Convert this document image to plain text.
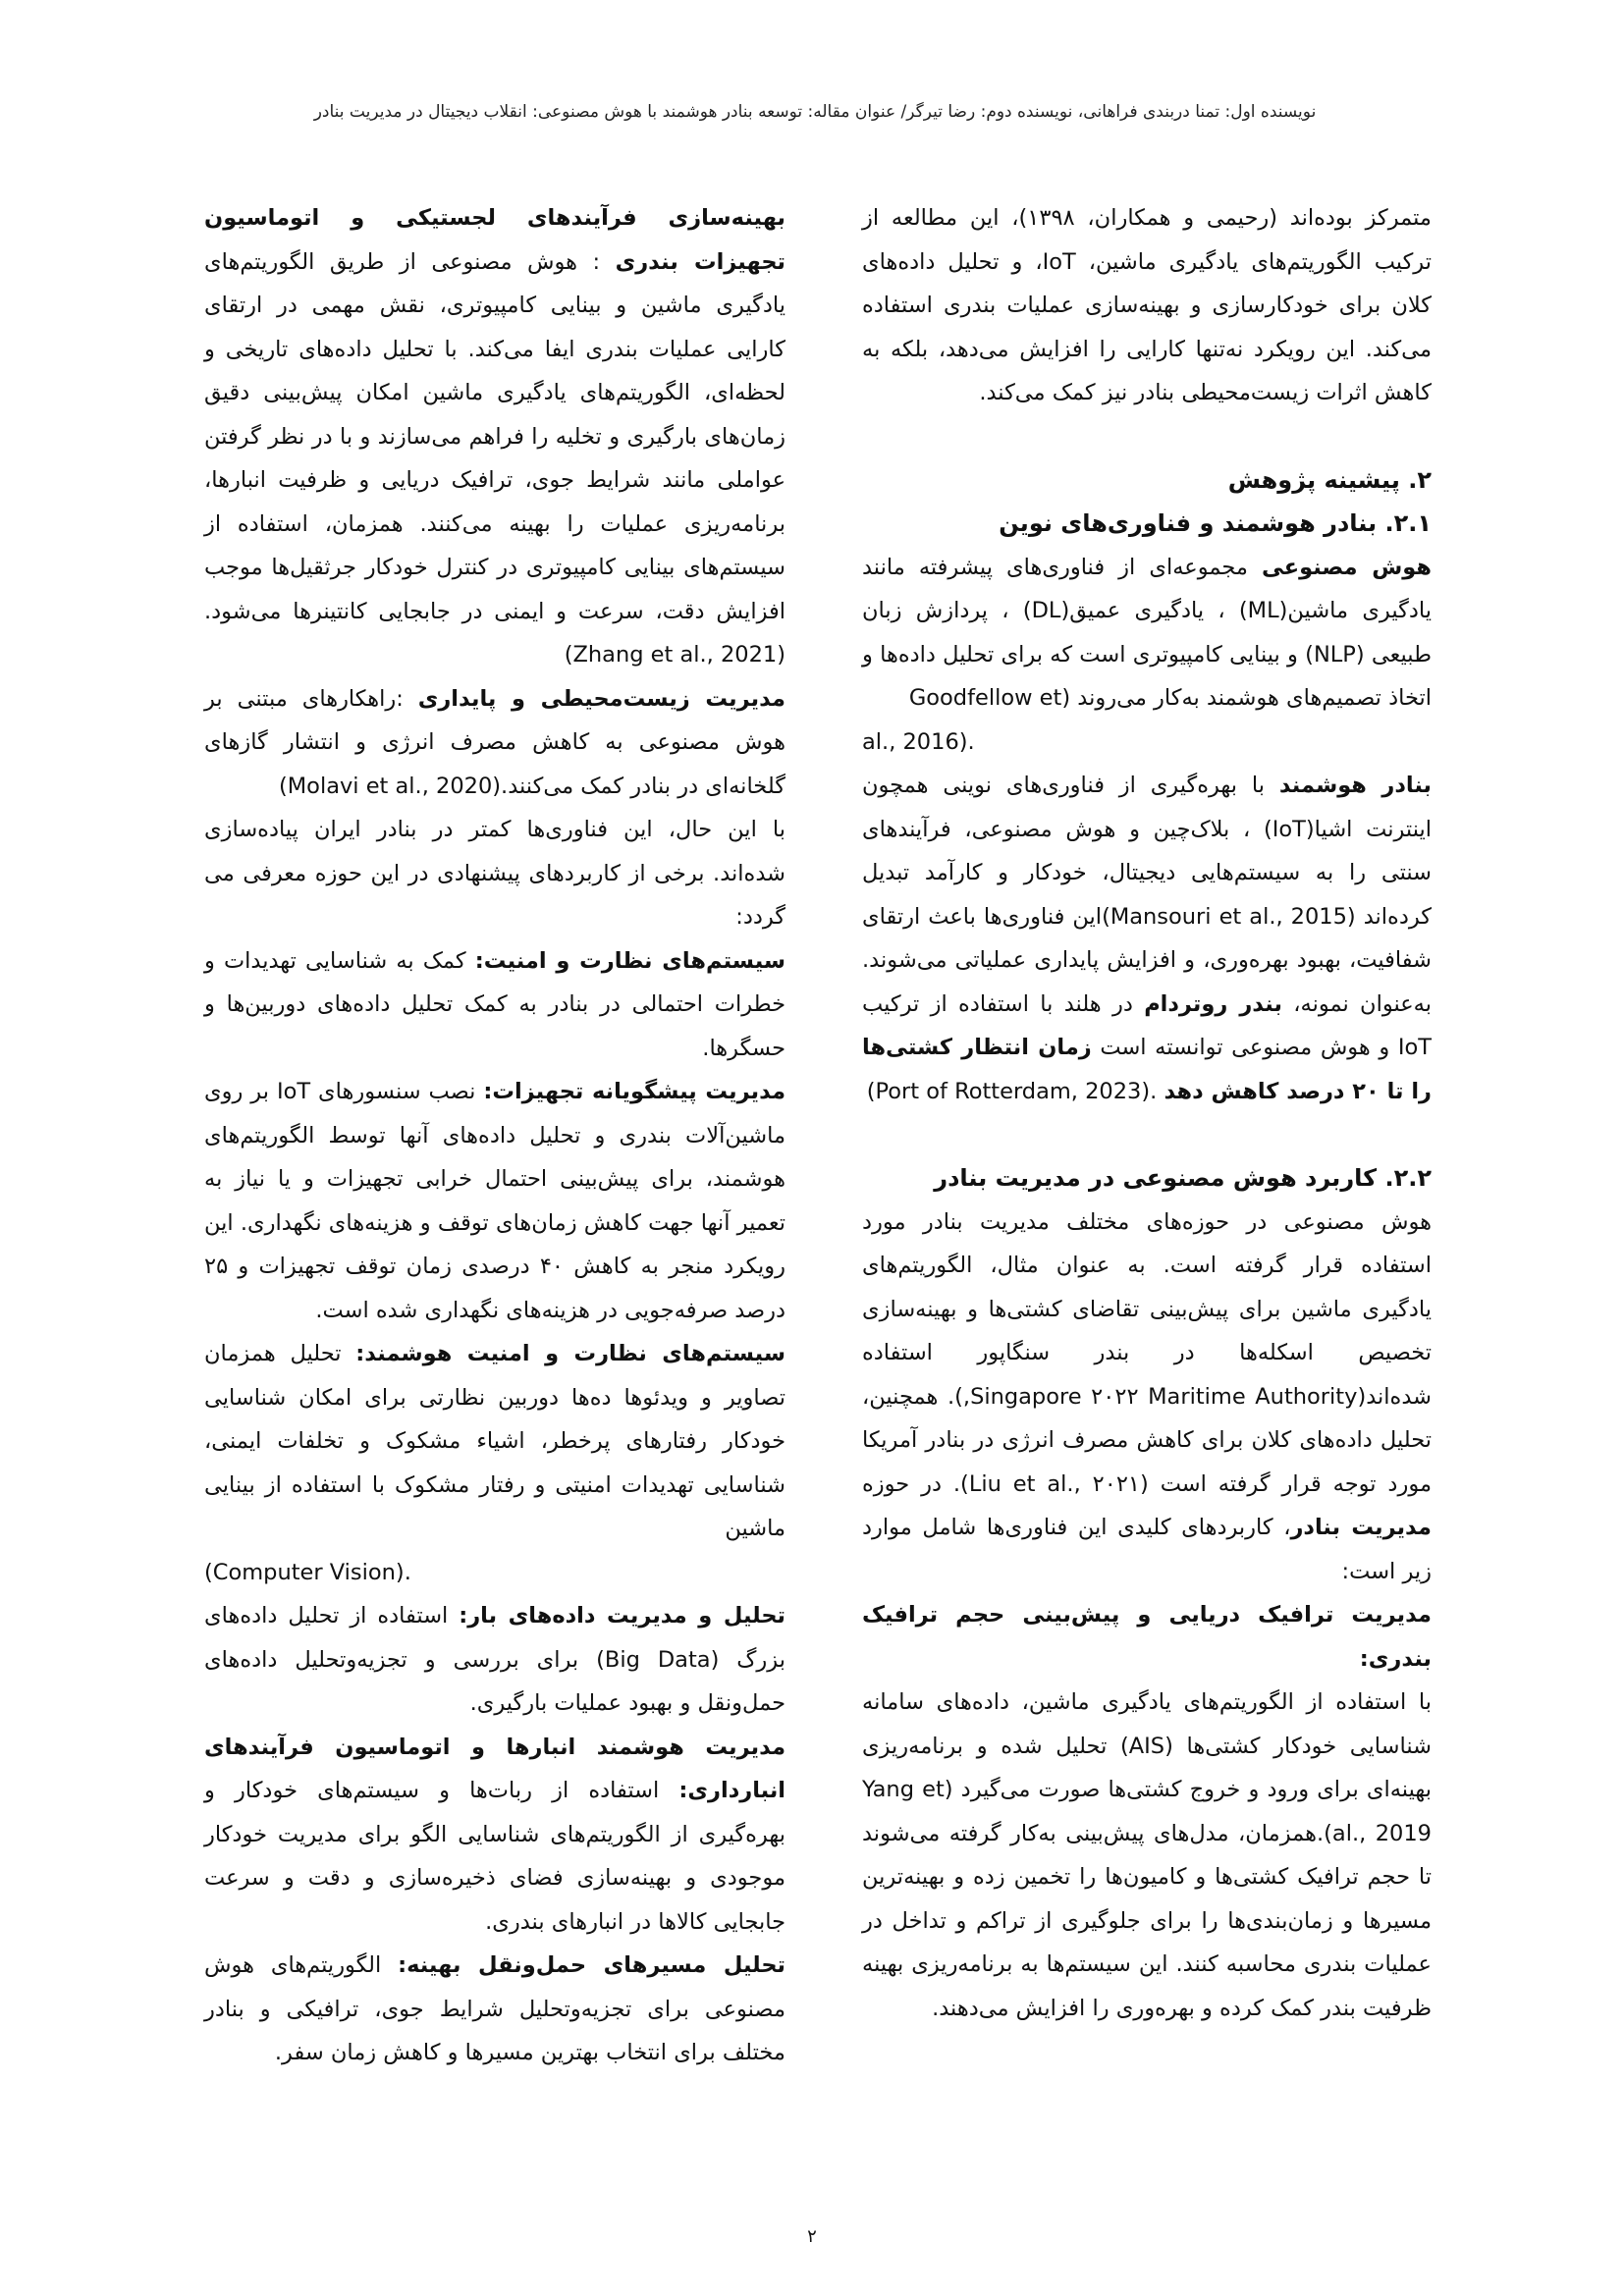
نویسنده اول: تمنا دربندی فراهانی، نویسنده دوم: رضا تیرگر/ عنوان مقاله: توسعه بنادر هوشمند با هوش مصنوعی: انقلاب دیجیتال در مدیریت بنادر

متمرکز بوده‌اند (رحیمی و همکاران، ۱۳۹۸)، این مطالعه از ترکیب الگوریتم‌های یادگیری ماشین، IoT، و تحلیل داده‌های کلان برای خودکارسازی و بهینه‌سازی عملیات بندری استفاده می‌کند. این رویکرد نه‌تنها کارایی را افزایش می‌دهد، بلکه به کاهش اثرات زیست‌محیطی بنادر نیز کمک می‌کند.

۲. پیشینه پژوهش

۲.۱. بنادر هوشمند و فناوری‌های نوین

هوش مصنوعی مجموعه‌ای از فناوری‌های پیشرفته مانند یادگیری ماشین(ML) ، یادگیری عمیق(DL) ، پردازش زبان طبیعی (NLP) و بینایی کامپیوتری است که برای تحلیل داده‌ها و اتخاذ تصمیم‌های هوشمند به‌کار می‌روند (Goodfellow et

al., 2016).

بنادر هوشمند با بهره‌گیری از فناوری‌های نوینی همچون اینترنت اشیا(IoT) ، بلاک‌چین و هوش مصنوعی، فرآیندهای سنتی را به سیستم‌هایی دیجیتال، خودکار و کارآمد تبدیل کرده‌اند (Mansouri et al., 2015)این فناوری‌ها باعث ارتقای شفافیت، بهبود بهره‌وری، و افزایش پایداری عملیاتی می‌شوند. به‌عنوان نمونه، بندر روتردام در هلند با استفاده از ترکیب IoT و هوش مصنوعی توانسته است زمان انتظار کشتی‌ها را تا ۲۰ درصد کاهش دهد .(Port of Rotterdam, 2023)

۲.۲. کاربرد هوش مصنوعی در مدیریت بنادر

هوش مصنوعی در حوزه‌های مختلف مدیریت بنادر مورد استفاده قرار گرفته است. به عنوان مثال، الگوریتم‌های یادگیری ماشین برای پیش‌بینی تقاضای کشتی‌ها و بهینه‌سازی تخصیص اسکله‌ها در بندر سنگاپور استفاده شده‌اند(Singapore ۲۰۲۲ Maritime Authority,). همچنین، تحلیل داده‌های کلان برای کاهش مصرف انرژی در بنادر آمریکا مورد توجه قرار گرفته است (Liu et al., ۲۰۲۱). در حوزه مدیریت بنادر، کاربردهای کلیدی این فناوری‌ها شامل موارد زیر است:

مدیریت ترافیک دریایی و پیش‌بینی حجم ترافیک بندری:

با استفاده از الگوریتم‌های یادگیری ماشین، داده‌های سامانه شناسایی خودکار کشتی‌ها (AIS) تحلیل شده و برنامه‌ریزی بهینه‌ای برای ورود و خروج کشتی‌ها صورت می‌گیرد (Yang et al., 2019).همزمان، مدل‌های پیش‌بینی به‌کار گرفته می‌شوند تا حجم ترافیک کشتی‌ها و کامیون‌ها را تخمین زده و بهینه‌ترین مسیرها و زمان‌بندی‌ها را برای جلوگیری از تراکم و تداخل در عملیات بندری محاسبه کنند. این سیستم‌ها به برنامه‌ریزی بهینه ظرفیت بندر کمک کرده و بهره‌وری را افزایش می‌دهند.

بهینه‌سازی فرآیندهای لجستیکی و اتوماسیون تجهیزات بندری : هوش مصنوعی از طریق الگوریتم‌های یادگیری ماشین و بینایی کامپیوتری، نقش مهمی در ارتقای کارایی عملیات بندری ایفا می‌کند. با تحلیل داده‌های تاریخی و لحظه‌ای، الگوریتم‌های یادگیری ماشین امکان پیش‌بینی دقیق زمان‌های بارگیری و تخلیه را فراهم می‌سازند و با در نظر گرفتن عواملی مانند شرایط جوی، ترافیک دریایی و ظرفیت انبارها، برنامه‌ریزی عملیات را بهینه می‌کنند. همزمان، استفاده از سیستم‌های بینایی کامپیوتری در کنترل خودکار جرثقیل‌ها موجب افزایش دقت، سرعت و ایمنی در جابجایی کانتینرها می‌شود.(Zhang et al., 2021)

مدیریت زیست‌محیطی و پایداری :راهکارهای مبتنی بر هوش مصنوعی به کاهش مصرف انرژی و انتشار گازهای گلخانه‌ای در بنادر کمک می‌کنند.(Molavi et al., 2020)

با این حال، این فناوری‌ها کمتر در بنادر ایران پیاده‌سازی شده‌اند. برخی از کاربردهای پیشنهادی در این حوزه معرفی می گردد:

سیستم‌های نظارت و امنیت: کمک به شناسایی تهدیدات و خطرات احتمالی در بنادر به کمک تحلیل داده‌های دوربین‌ها و حسگرها.

مدیریت پیشگویانه تجهیزات: نصب سنسورهای IoT بر روی ماشین‌آلات بندری و تحلیل داده‌های آنها توسط الگوریتم‌های هوشمند، برای پیش‌بینی احتمال خرابی تجهیزات و یا نیاز به تعمیر آنها جهت کاهش زمان‌های توقف و هزینه‌های نگهداری. این رویکرد منجر به کاهش ۴۰ درصدی زمان توقف تجهیزات و ۲۵ درصد صرفه‌جویی در هزینه‌های نگهداری شده است.

سیستم‌های نظارت و امنیت هوشمند: تحلیل همزمان تصاویر و ویدئوها ده‌ها دوربین نظارتی برای امکان شناسایی خودکار رفتارهای پرخطر، اشیاء مشکوک و تخلفات ایمنی، شناسایی تهدیدات امنیتی و رفتار مشکوک با استفاده از بینایی ماشین

(Computer Vision).

تحلیل و مدیریت داده‌های بار: استفاده از تحلیل داده‌های بزرگ (Big Data) برای بررسی و تجزیه‌وتحلیل داده‌های حمل‌ونقل و بهبود عملیات بارگیری.

مدیریت هوشمند انبارها و اتوماسیون فرآیندهای انبارداری: استفاده از ربات‌ها و سیستم‌های خودکار و بهره‌گیری از الگوریتم‌های شناسایی الگو برای مدیریت خودکار موجودی و بهینه‌سازی فضای ذخیره‌سازی و دقت و سرعت جابجایی کالاها در انبارهای بندری.

تحلیل مسیرهای حمل‌ونقل بهینه: الگوریتم‌های هوش مصنوعی برای تجزیه‌وتحلیل شرایط جوی، ترافیکی و بنادر مختلف برای انتخاب بهترین مسیرها و کاهش زمان سفر.

۲
